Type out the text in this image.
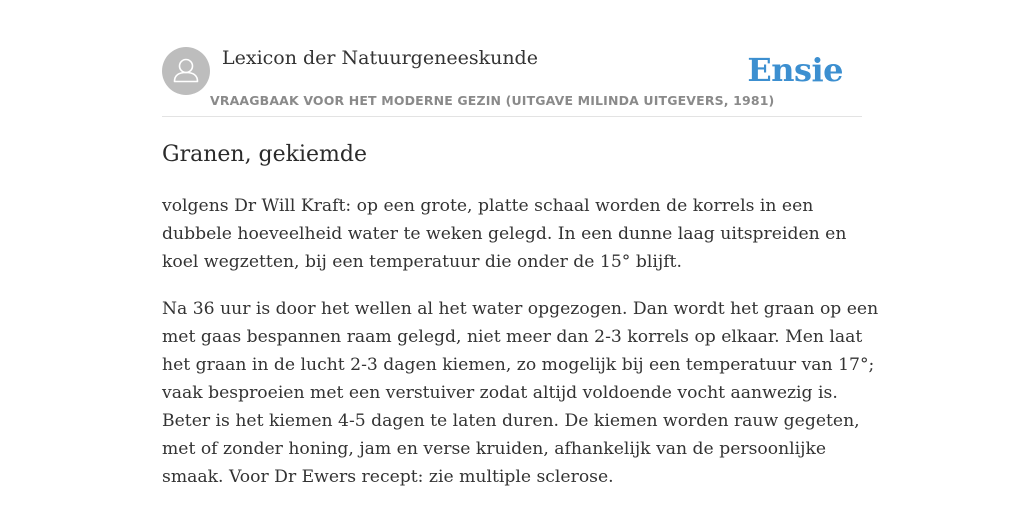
Lexicon der Natuurgeneeskunde
VRAAGBAAK VOOR HET MODERNE GEZIN (UITGAVE MILINDA UITGEVERS, 1981)
Ensie
Granen, gekiemde

volgens Dr Will Kraft: op een grote, platte schaal worden de korrels in een
dubbele hoeveelheid water te weken gelegd. In een dunne laag uitspreiden en
koel wegzetten, bij een temperatuur die onder de 15° blijft.

Na 36 uur is door het wellen al het water opgezogen. Dan wordt het graan op een
met gaas bespannen raam gelegd, niet meer dan 2-3 korrels op elkaar. Men laat
het graan in de lucht 2-3 dagen kiemen, zo mogelijk bij een temperatuur van 17°;
vaak besproeien met een verstuiver zodat altijd voldoende vocht aanwezig is.
Beter is het kiemen 4-5 dagen te laten duren. De kiemen worden rauw gegeten,
met of zonder honing, jam en verse kruiden, afhankelijk van de persoonlijke
smaak. Voor Dr Ewers recept: zie multiple sclerose.
